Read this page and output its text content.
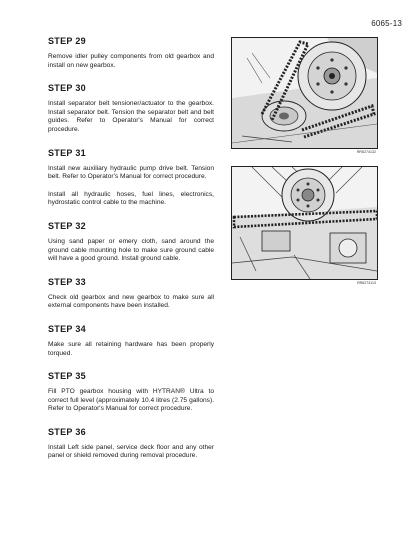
6065-13
STEP 29

Remove idler pulley components from old gearbox and install on new gearbox.

STEP 30

Install separator belt tensioner/actuator to the gearbox. Install separator belt. Tension the separator belt and belt guides. Refer to Operator's Manual for correct procedure.

STEP 31

Install new auxiliary hydraulic pump drive belt. Tension belt. Refer to Operator's Manual for correct procedure.

Install all hydraulic hoses, fuel lines, electronics, hydrostatic control cable to the machine.

STEP 32

Using sand paper or emery cloth, sand around the ground cable mounting hole to make sure ground cable will have a good ground. Install ground cable.

STEP 33

Check old gearbox and new gearbox to make sure all external components have been installed.

STEP 34

Make sure all retaining hardware has been properly torqued.

STEP 35

Fill PTO gearbox housing with HYTRAN® Ultra to correct full level (approximately 10.4 litres (2.75 gallons). Refer to Operator's Manual for correct procedure.

STEP 36

Install Left side panel, service deck floor and any other panel or shield removed during removal procedure.

RR6274132
RR6274113
